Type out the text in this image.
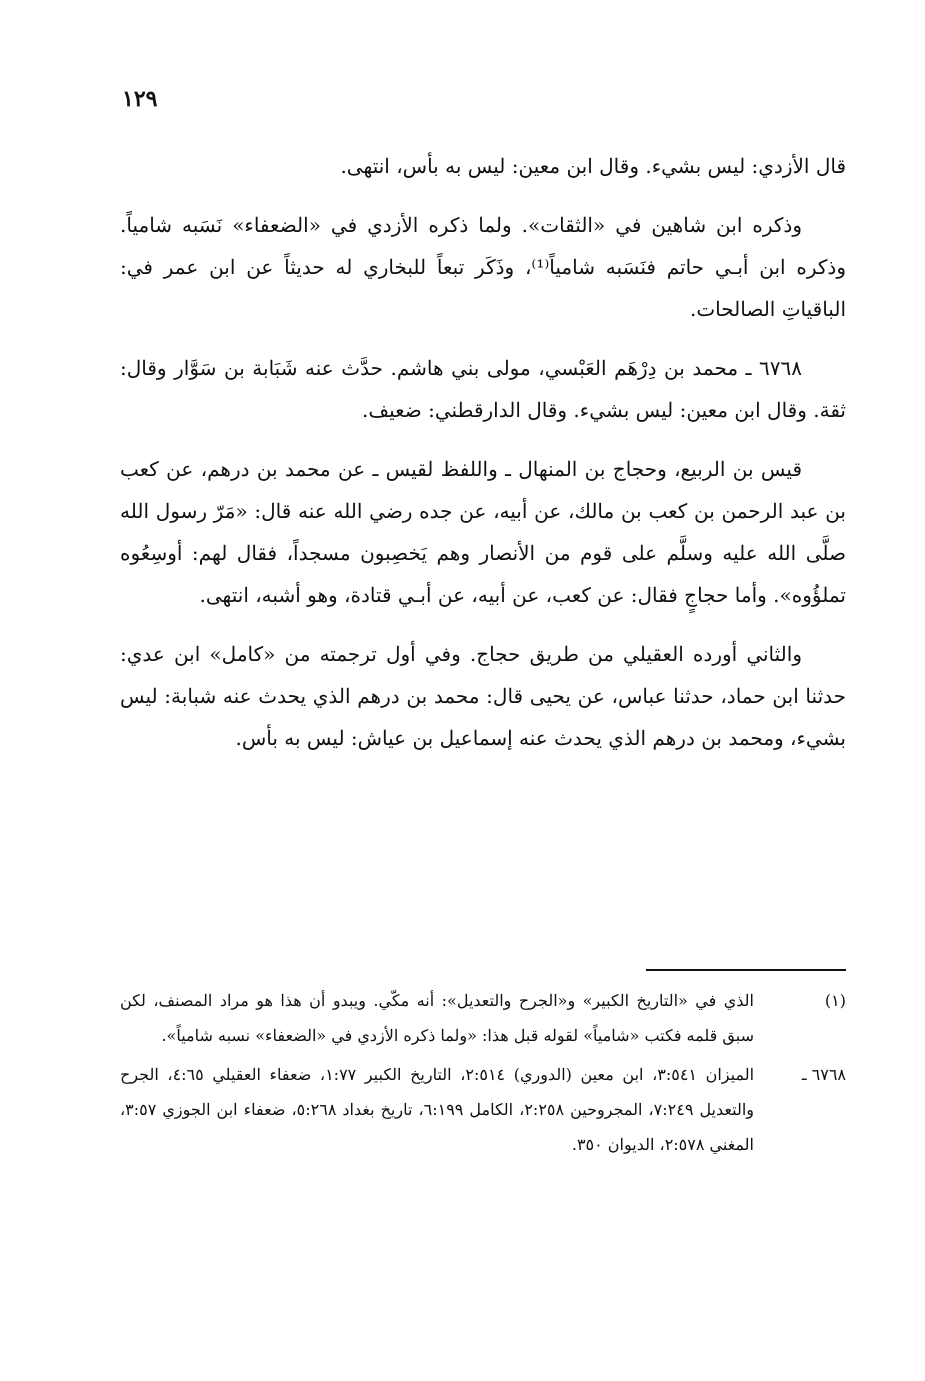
١٢٩

قال الأزدي: ليس بشيء. وقال ابن معين: ليس به بأس، انتهى.

وذكره ابن شاهين في «الثقات». ولما ذكره الأزدي في «الضعفاء» نَسَبه شامياً. وذكره ابن أبـي حاتم فنَسَبه شامياً⁽¹⁾، وذَكَر تبعاً للبخاري له حديثاً عن ابن عمر في: الباقياتِ الصالحات.

٦٧٦٨ ـ محمد بن دِرْهَم العَبْسي، مولى بني هاشم. حدَّث عنه شَبَابة بن سَوَّار وقال: ثقة. وقال ابن معين: ليس بشيء. وقال الدارقطني: ضعيف.

قيس بن الربيع، وحجاج بن المنهال ـ واللفظ لقيس ـ عن محمد بن درهم، عن كعب بن عبد الرحمن بن كعب بن مالك، عن أبيه، عن جده رضي الله عنه قال: «مَرّ رسول الله صلَّى الله عليه وسلَّم على قوم من الأنصار وهم يَخصِبون مسجداً، فقال لهم: أوسِعُوه تملؤُوه». وأما حجاجٍ فقال: عن كعب، عن أبيه، عن أبـي قتادة، وهو أشبه، انتهى.

والثاني أورده العقيلي من طريق حجاج. وفي أول ترجمته من «كامل» ابن عدي: حدثنا ابن حماد، حدثنا عباس، عن يحيى قال: محمد بن درهم الذي يحدث عنه شبابة: ليس بشيء، ومحمد بن درهم الذي يحدث عنه إسماعيل بن عياش: ليس به بأس.

(١)
الذي في «التاريخ الكبير» و«الجرح والتعديل»: أنه مكّي. ويبدو أن هذا هو مراد المصنف، لكن سبق قلمه فكتب «شامياً» لقوله قبل هذا: «ولما ذكره الأزدي في «الضعفاء» نسبه شامياً».
٦٧٦٨ ـ
الميزان ٣:٥٤١، ابن معين (الدوري) ٢:٥١٤، التاريخ الكبير ١:٧٧، ضعفاء العقيلي ٤:٦٥، الجرح والتعديل ٧:٢٤٩، المجروحين ٢:٢٥٨، الكامل ٦:١٩٩، تاريخ بغداد ٥:٢٦٨، ضعفاء ابن الجوزي ٣:٥٧، المغني ٢:٥٧٨، الديوان ٣٥٠.
